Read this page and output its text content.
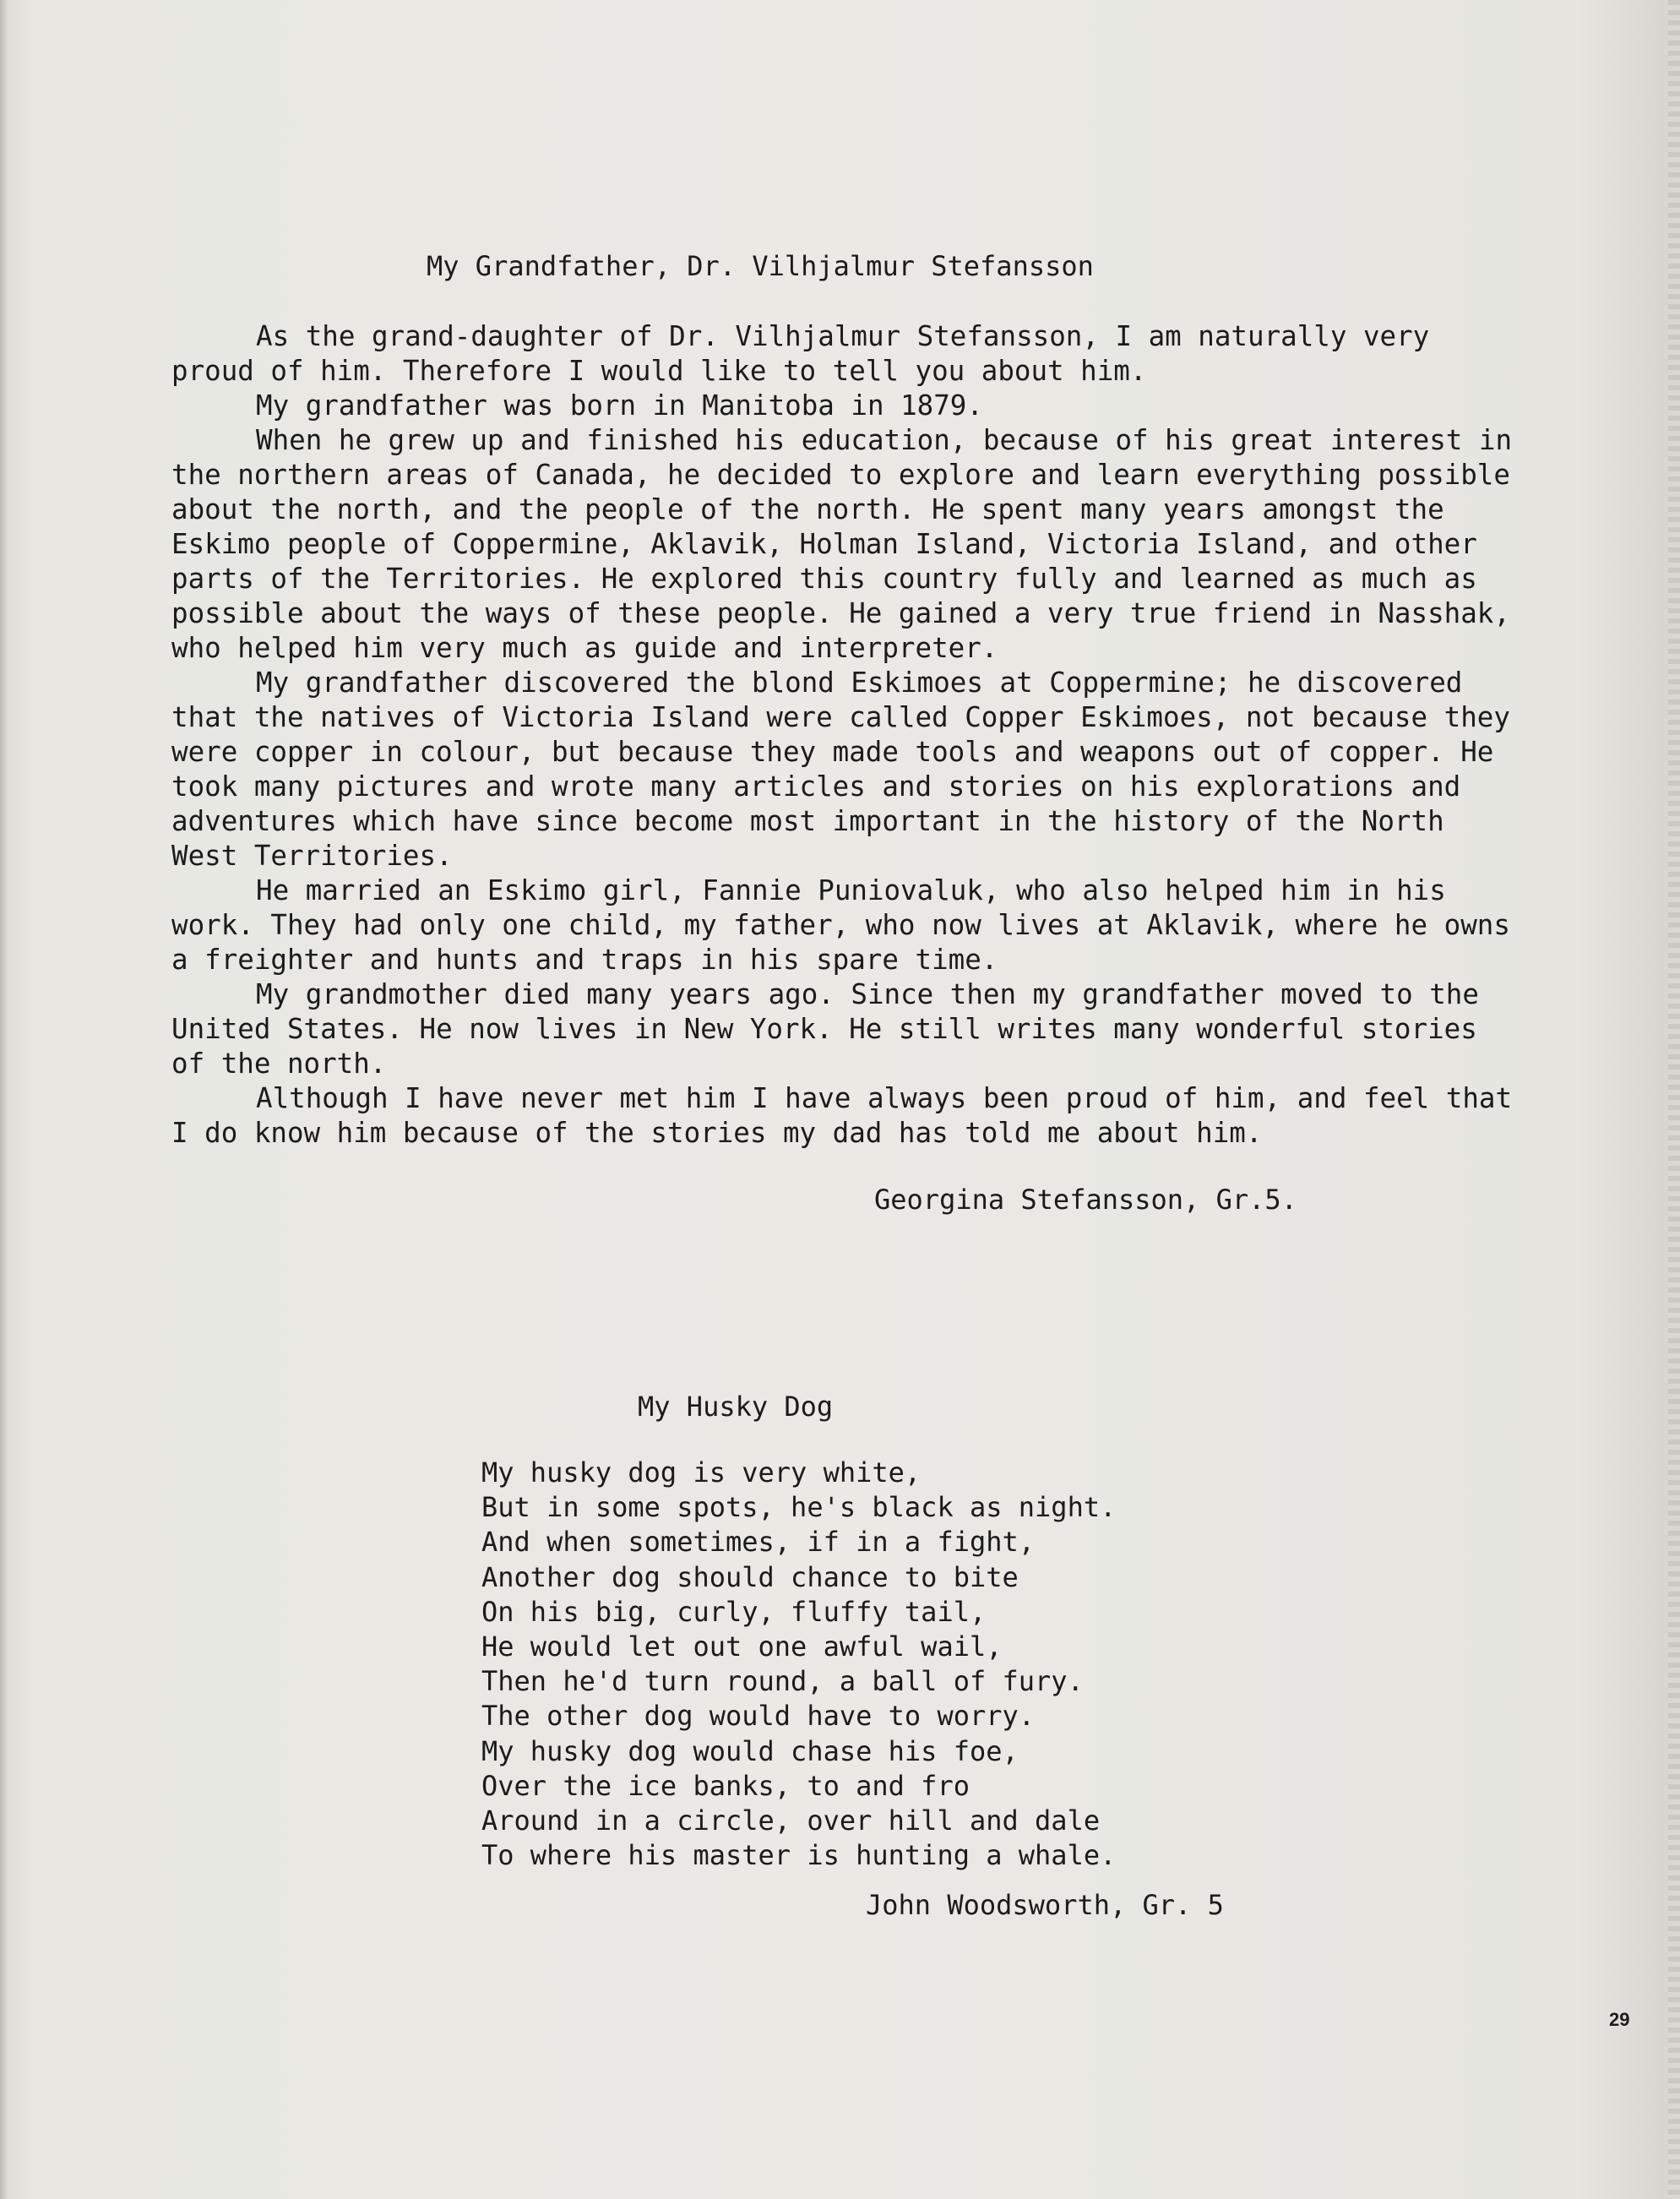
My Grandfather, Dr. Vilhjalmur Stefansson

As the grand-daughter of Dr. Vilhjalmur Stefansson, I am naturally very proud of him. Therefore I would like to tell you about him.

My grandfather was born in Manitoba in 1879.

When he grew up and finished his education, because of his great interest in the northern areas of Canada, he decided to explore and learn everything possible about the north, and the people of the north. He spent many years amongst the Eskimo people of Coppermine, Aklavik, Holman Island, Victoria Island, and other parts of the Territories. He explored this country fully and learned as much as possible about the ways of these people. He gained a very true friend in Nasshak, who helped him very much as guide and interpreter.

My grandfather discovered the blond Eskimoes at Coppermine; he discovered that the natives of Victoria Island were called Copper Eskimoes, not because they were copper in colour, but because they made tools and weapons out of copper. He took many pictures and wrote many articles and stories on his explorations and adventures which have since become most important in the history of the North West Territories.

He married an Eskimo girl, Fannie Puniovaluk, who also helped him in his work. They had only one child, my father, who now lives at Aklavik, where he owns a freighter and hunts and traps in his spare time.

My grandmother died many years ago. Since then my grandfather moved to the United States. He now lives in New York. He still writes many wonderful stories of the north.

Although I have never met him I have always been proud of him, and feel that I do know him because of the stories my dad has told me about him.

Georgina Stefansson, Gr.5.
My Husky Dog
My husky dog is very white,
But in some spots, he's black as night.
And when sometimes, if in a fight,
Another dog should chance to bite
On his big, curly, fluffy tail,
He would let out one awful wail,
Then he'd turn round, a ball of fury.
The other dog would have to worry.
My husky dog would chase his foe,
Over the ice banks, to and fro
Around in a circle, over hill and dale
To where his master is hunting a whale.
John Woodsworth, Gr. 5
29
